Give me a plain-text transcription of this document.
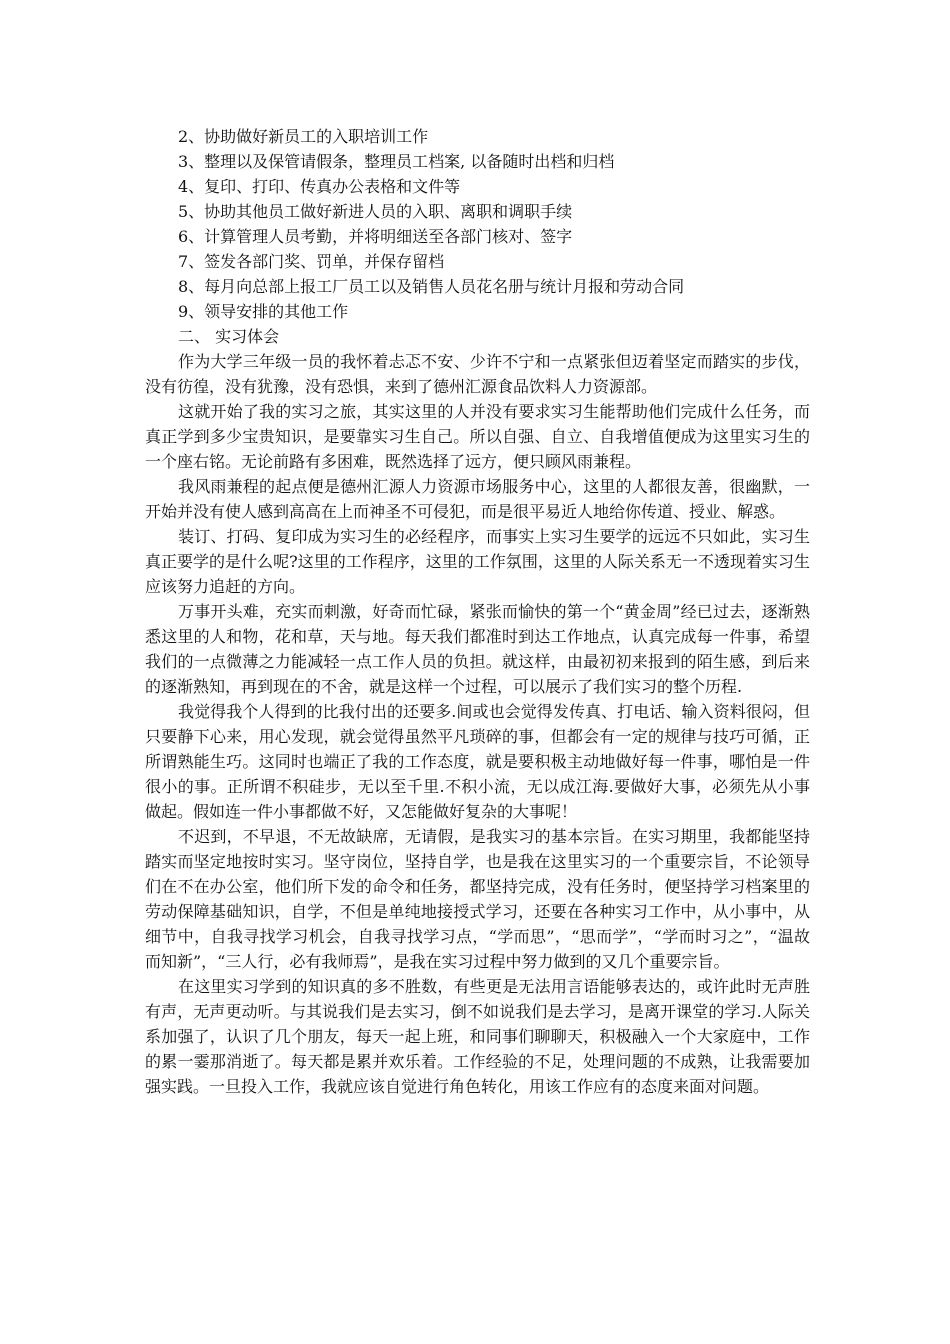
2、协助做好新员工的入职培训工作
3、整理以及保管请假条，整理员工档案, 以备随时出档和归档
4、复印、打印、传真办公表格和文件等
5、协助其他员工做好新进人员的入职、离职和调职手续
6、计算管理人员考勤，并将明细送至各部门核对、签字
7、签发各部门奖、罚单，并保存留档
8、每月向总部上报工厂员工以及销售人员花名册与统计月报和劳动合同
9、领导安排的其他工作
二、 实习体会

作为大学三年级一员的我怀着忐忑不安、少许不宁和一点紧张但迈着坚定而踏实的步伐，没有彷徨，没有犹豫，没有恐惧，来到了德州汇源食品饮料人力资源部。

这就开始了我的实习之旅，其实这里的人并没有要求实习生能帮助他们完成什么任务，而真正学到多少宝贵知识，是要靠实习生自己。所以自强、自立、自我增值便成为这里实习生的一个座右铭。无论前路有多困难，既然选择了远方，便只顾风雨兼程。

我风雨兼程的起点便是德州汇源人力资源市场服务中心，这里的人都很友善，很幽默，一开始并没有使人感到高高在上而神圣不可侵犯，而是很平易近人地给你传道、授业、解惑。

装订、打码、复印成为实习生的必经程序，而事实上实习生要学的远远不只如此，实习生真正要学的是什么呢?这里的工作程序，这里的工作氛围，这里的人际关系无一不透现着实习生应该努力追赶的方向。

万事开头难，充实而刺激，好奇而忙碌，紧张而愉快的第一个“黄金周”经已过去，逐渐熟悉这里的人和物，花和草，天与地。每天我们都准时到达工作地点，认真完成每一件事，希望我们的一点微薄之力能减轻一点工作人员的负担。就这样，由最初初来报到的陌生感，到后来的逐渐熟知，再到现在的不舍，就是这样一个过程，可以展示了我们实习的整个历程.

我觉得我个人得到的比我付出的还要多.间或也会觉得发传真、打电话、输入资料很闷，但只要静下心来，用心发现，就会觉得虽然平凡琐碎的事，但都会有一定的规律与技巧可循，正所谓熟能生巧。这同时也端正了我的工作态度，就是要积极主动地做好每一件事，哪怕是一件很小的事。正所谓不积硅步，无以至千里.不积小流，无以成江海.要做好大事，必须先从小事做起。假如连一件小事都做不好，又怎能做好复杂的大事呢！

不迟到，不早退，不无故缺席，无请假，是我实习的基本宗旨。在实习期里，我都能坚持踏实而坚定地按时实习。坚守岗位，坚持自学，也是我在这里实习的一个重要宗旨，不论领导们在不在办公室，他们所下发的命令和任务，都坚持完成，没有任务时，便坚持学习档案里的劳动保障基础知识，自学，不但是单纯地接授式学习，还要在各种实习工作中，从小事中，从细节中，自我寻找学习机会，自我寻找学习点，“学而思”，“思而学”，“学而时习之”，“温故而知新”，“三人行，必有我师焉”，是我在实习过程中努力做到的又几个重要宗旨。

在这里实习学到的知识真的多不胜数，有些更是无法用言语能够表达的，或许此时无声胜有声，无声更动听。与其说我们是去实习，倒不如说我们是去学习，是离开课堂的学习.人际关系加强了，认识了几个朋友，每天一起上班，和同事们聊聊天，积极融入一个大家庭中，工作的累一霎那消逝了。每天都是累并欢乐着。工作经验的不足，处理问题的不成熟，让我需要加强实践。一旦投入工作，我就应该自觉进行角色转化，用该工作应有的态度来面对问题。
